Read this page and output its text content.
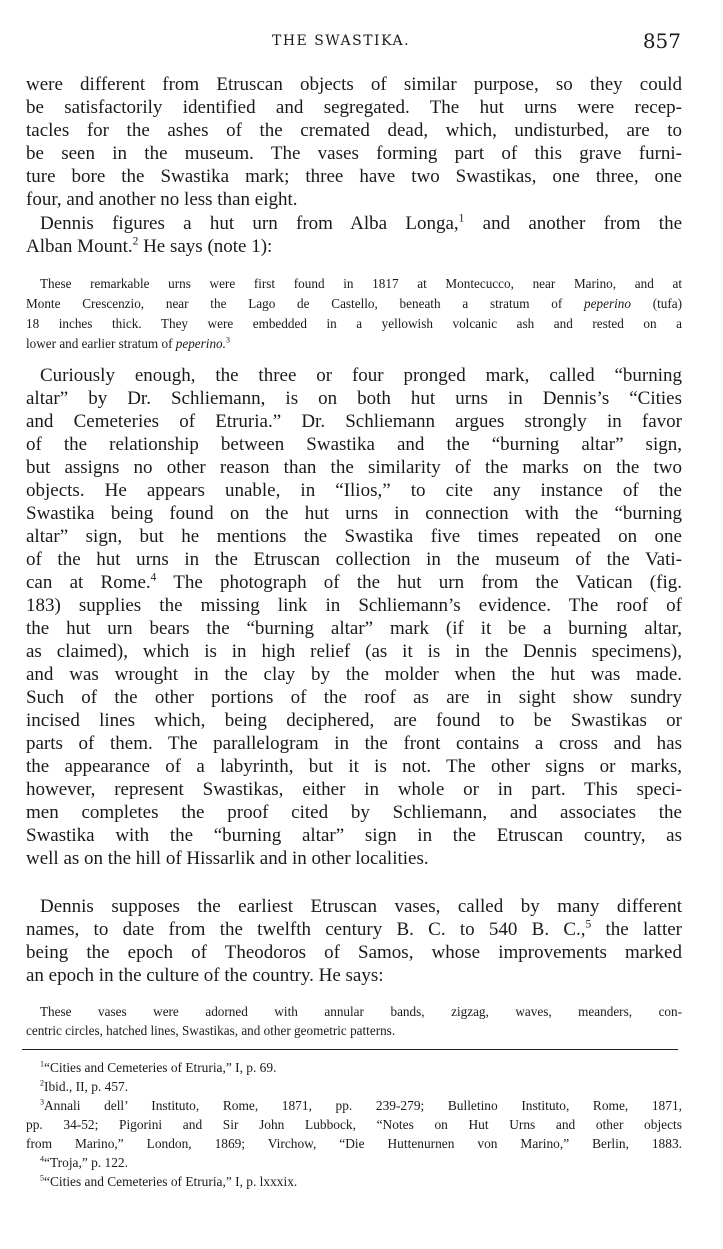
THE SWASTIKA.	857
were different from Etruscan objects of similar purpose, so they could
be satisfactorily identified and segregated. The hut urns were recep-
tacles for the ashes of the cremated dead, which, undisturbed, are to
be seen in the museum. The vases forming part of this grave furni-
ture bore the Swastika mark; three have two Swastikas, one three, one
four, and another no less than eight.
Dennis figures a hut urn from Alba Longa,$^1$ and another from the
Alban Mount.$^2$ He says (note 1):
These remarkable urns were first found in 1817 at Montecucco, near Marino, and at
Monte Crescenzio, near the Lago de Castello, beneath a stratum of peperino (tufa)
18 inches thick. They were embedded in a yellowish volcanic ash and rested on a
lower and earlier stratum of peperino.$^3$
Curiously enough, the three or four pronged mark, called “burning
altar” by Dr. Schliemann, is on both hut urns in Dennis’s “Cities
and Cemeteries of Etruria.” Dr. Schliemann argues strongly in favor
of the relationship between Swastika and the “burning altar” sign,
but assigns no other reason than the similarity of the marks on the two
objects. He appears unable, in “Ilios,” to cite any instance of the
Swastika being found on the hut urns in connection with the “burning
altar” sign, but he mentions the Swastika five times repeated on one
of the hut urns in the Etruscan collection in the museum of the Vati-
can at Rome.$^4$ The photograph of the hut urn from the Vatican (fig.
183) supplies the missing link in Schliemann’s evidence. The roof of
the hut urn bears the “burning altar” mark (if it be a burning altar,
as claimed), which is in high relief (as it is in the Dennis specimens),
and was wrought in the clay by the molder when the hut was made.
Such of the other portions of the roof as are in sight show sundry
incised lines which, being deciphered, are found to be Swastikas or
parts of them. The parallelogram in the front contains a cross and has
the appearance of a labyrinth, but it is not. The other signs or marks,
however, represent Swastikas, either in whole or in part. This speci-
men completes the proof cited by Schliemann, and associates the
Swastika with the “burning altar” sign in the Etruscan country, as
well as on the hill of Hissarlik and in other localities.
Dennis supposes the earliest Etruscan vases, called by many different
names, to date from the twelfth century B. C. to 540 B. C.,$^5$ the latter
being the epoch of Theodoros of Samos, whose improvements marked
an epoch in the culture of the country. He says:
These vases were adorned with annular bands, zigzag, waves, meanders, con-
centric circles, hatched lines, Swastikas, and other geometric patterns.
$^1$“Cities and Cemeteries of Etruria,” I, p. 69.
$^2$Ibid., II, p. 457.
$^3$Annali dell’ Instituto, Rome, 1871, pp. 239-279; Bulletino Instituto, Rome, 1871,
pp. 34-52; Pigorini and Sir John Lubbock, “Notes on Hut Urns and other objects
from Marino,” London, 1869; Virchow, “Die Huttenurnen von Marino,” Berlin, 1883.
$^4$“Troja,” p. 122.
$^5$“Cities and Cemeteries of Etruria,” I, p. lxxxix.
